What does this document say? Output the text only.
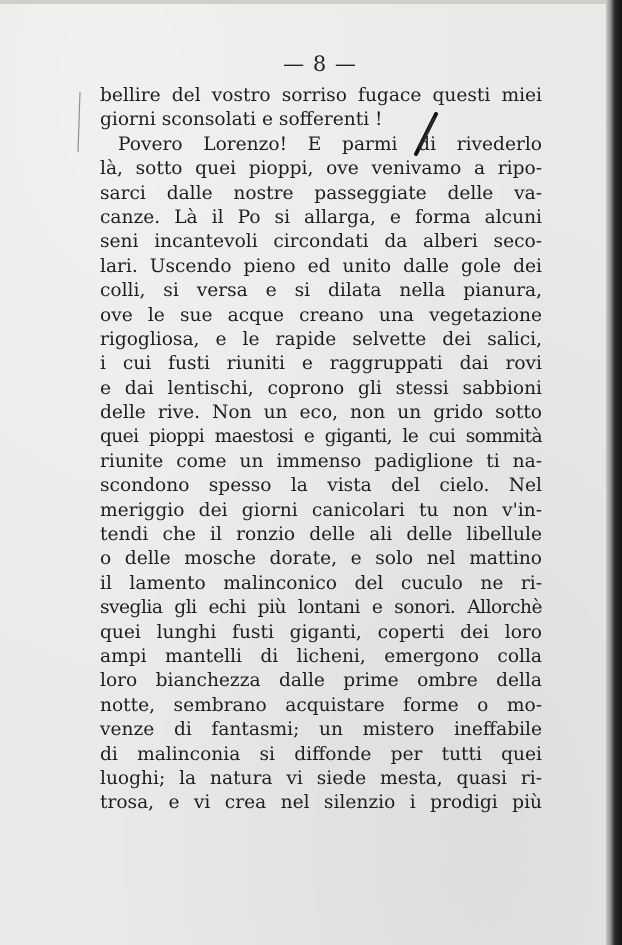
— 8 —
bellire del vostro sorriso fugace questi miei
giorni sconsolati e sofferenti !
Povero Lorenzo! E parmi di rivederlo
là, sotto quei pioppi, ove venivamo a ripo-
sarci dalle nostre passeggiate delle va-
canze. Là il Po si allarga, e forma alcuni
seni incantevoli circondati da alberi seco-
lari. Uscendo pieno ed unito dalle gole dei
colli, si versa e si dilata nella pianura,
ove le sue acque creano una vegetazione
rigogliosa, e le rapide selvette dei salici,
i cui fusti riuniti e raggruppati dai rovi
e dai lentischi, coprono gli stessi sabbioni
delle rive. Non un eco, non un grido sotto
quei pioppi maestosi e giganti, le cui sommità
riunite come un immenso padiglione ti na-
scondono spesso la vista del cielo. Nel
meriggio dei giorni canicolari tu non v'in-
tendi che il ronzio delle ali delle libellule
o delle mosche dorate, e solo nel mattino
il lamento malinconico del cuculo ne ri-
sveglia gli echi più lontani e sonori. Allorchè
quei lunghi fusti giganti, coperti dei loro
ampi mantelli di licheni, emergono colla
loro bianchezza dalle prime ombre della
notte, sembrano acquistare forme o mo-
venze di fantasmi; un mistero ineffabile
di malinconia si diffonde per tutti quei
luoghi; la natura vi siede mesta, quasi ri-
trosa, e vi crea nel silenzio i prodigi più
